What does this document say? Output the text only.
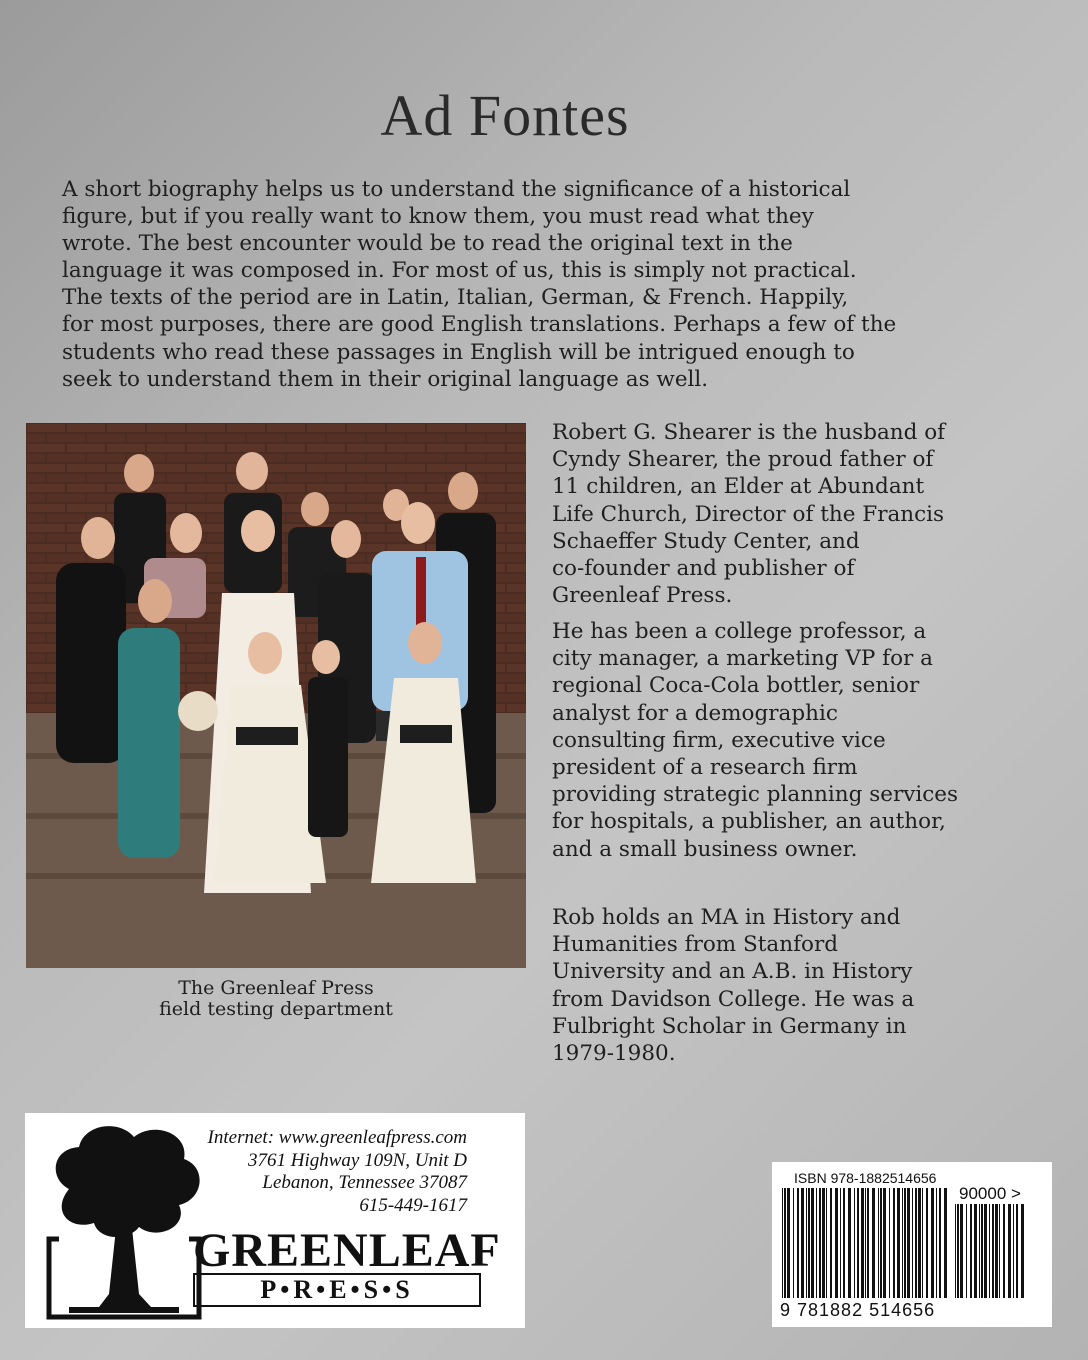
Ad Fontes

A short biography helps us to understand the significance of a historical
figure, but if you really want to know them, you must read what they
wrote. The best encounter would be to read the original text in the
language it was composed in. For most of us, this is simply not practical.
The texts of the period are in Latin, Italian, German, & French. Happily,
for most purposes, there are good English translations. Perhaps a few of the
students who read these passages in English will be intrigued enough to
seek to understand them in their original language as well.

The Greenleaf Press
field testing department

Robert G. Shearer is the husband of
Cyndy Shearer, the proud father of
11 children, an Elder at Abundant
Life Church, Director of the Francis
Schaeffer Study Center, and
co-founder and publisher of
Greenleaf Press.

He has been a college professor, a
city manager, a marketing VP for a
regional Coca-Cola bottler, senior
analyst for a demographic
consulting firm, executive vice
president of a research firm
providing strategic planning services
for hospitals, a publisher, an author,
and a small business owner.

Rob holds an MA in History and
Humanities from Stanford
University and an A.B. in History
from Davidson College. He was a
Fulbright Scholar in Germany in
1979-1980.

Internet: www.greenleafpress.com
3761 Highway 109N, Unit D
Lebanon, Tennessee 37087
615-449-1617
GREENLEAF
P•R•E•S•S
ISBN 978-1882514656
90000 >
9 781882 514656
